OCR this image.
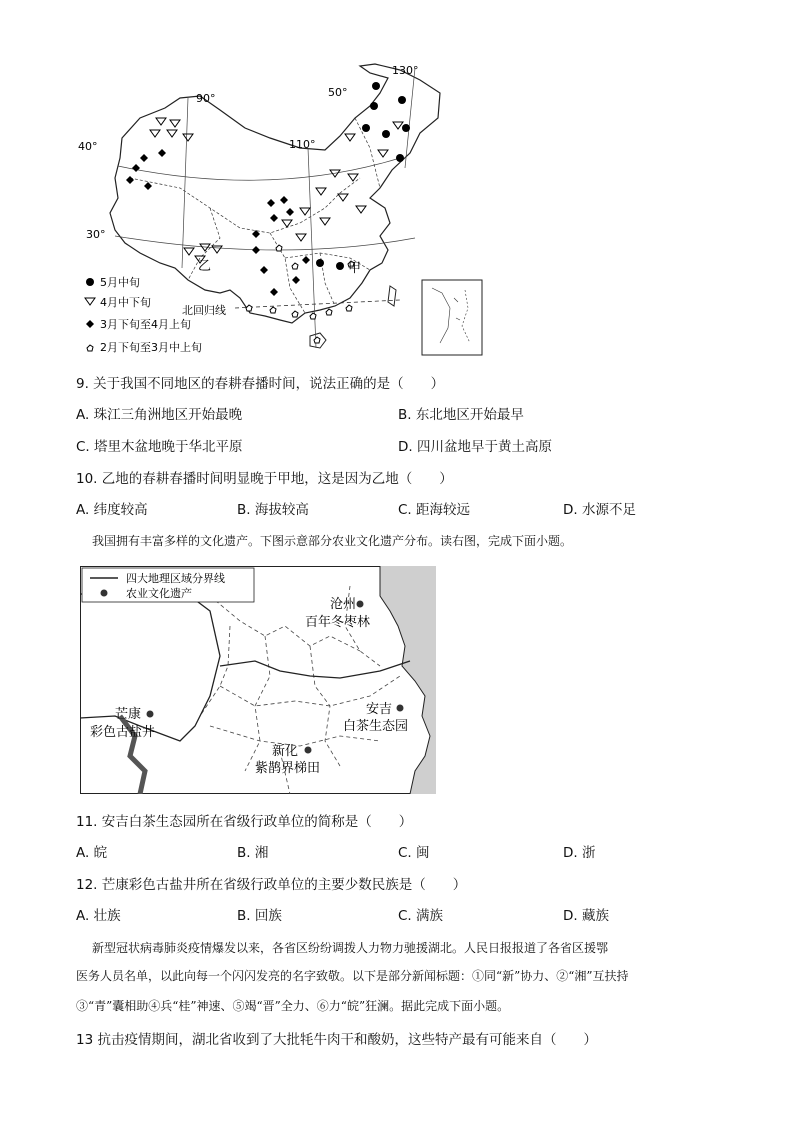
130°
50°
90°
40°	110°
30°
乙	甲
北回归线
5月中旬
4月中下旬
3月下旬至4月上旬
2月下旬至3月中上旬
9. 关于我国不同地区的春耕春播时间，说法正确的是（　　）
A. 珠江三角洲地区开始最晚	B. 东北地区开始最早
C. 塔里木盆地晚于华北平原	D. 四川盆地早于黄土高原
10. 乙地的春耕春播时间明显晚于甲地，这是因为乙地（　　）
A. 纬度较高	B. 海拔较高	C. 距海较远	D. 水源不足
我国拥有丰富多样的文化遗产。下图示意部分农业文化遗产分布。读右图，完成下面小题。
四大地理区域分界线
农业文化遗产
沧州
百年冬枣林
安吉
白茶生态园
芒康
彩色古盐井
新化
紫鹊界梯田
11. 安吉白茶生态园所在省级行政单位的简称是（　　）
A. 皖	B. 湘	C. 闽	D. 浙
12. 芒康彩色古盐井所在省级行政单位的主要少数民族是（　　）
A. 壮族	B. 回族	C. 满族	D. 藏族
新型冠状病毒肺炎疫情爆发以来，各省区纷纷调拨人力物力驰援湖北。人民日报报道了各省区援鄂
医务人员名单，以此向每一个闪闪发亮的名字致敬。以下是部分新闻标题：①同“新”协力、②“湘”互扶持
③“青”囊相助④兵“桂”神速、⑤竭“晋”全力、⑥力“皖”狂澜。据此完成下面小题。
13 抗击疫情期间，湖北省收到了大批牦牛肉干和酸奶，这些特产最有可能来自（　　）
